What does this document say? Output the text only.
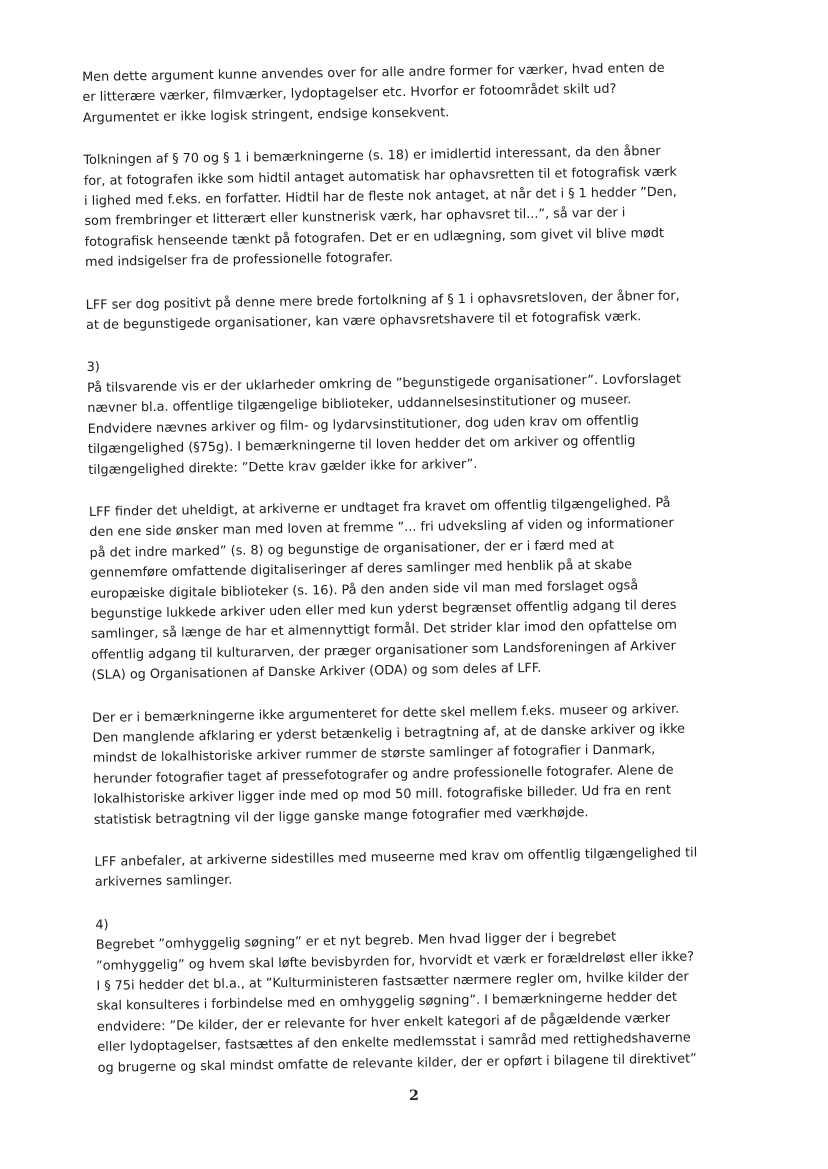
Men dette argument kunne anvendes over for alle andre former for værker, hvad enten de
er litterære værker, filmværker, lydoptagelser etc. Hvorfor er fotoområdet skilt ud?
Argumentet er ikke logisk stringent, endsige konsekvent.

Tolkningen af § 70 og § 1 i bemærkningerne (s. 18) er imidlertid interessant, da den åbner
for, at fotografen ikke som hidtil antaget automatisk har ophavsretten til et fotografisk værk
i lighed med f.eks. en forfatter. Hidtil har de fleste nok antaget, at når det i § 1 hedder ”Den,
som frembringer et litterært eller kunstnerisk værk, har ophavsret til...”, så var der i
fotografisk henseende tænkt på fotografen. Det er en udlægning, som givet vil blive mødt
med indsigelser fra de professionelle fotografer.

LFF ser dog positivt på denne mere brede fortolkning af § 1 i ophavsretsloven, der åbner for,
at de begunstigede organisationer, kan være ophavsretshavere til et fotografisk værk.

3)
På tilsvarende vis er der uklarheder omkring de ”begunstigede organisationer”. Lovforslaget
nævner bl.a. offentlige tilgængelige biblioteker, uddannelsesinstitutioner og museer.
Endvidere nævnes arkiver og film- og lydarvsinstitutioner, dog uden krav om offentlig
tilgængelighed (§75g). I bemærkningerne til loven hedder det om arkiver og offentlig
tilgængelighed direkte: ”Dette krav gælder ikke for arkiver”.

LFF finder det uheldigt, at arkiverne er undtaget fra kravet om offentlig tilgængelighed. På
den ene side ønsker man med loven at fremme ”... fri udveksling af viden og informationer
på det indre marked” (s. 8) og begunstige de organisationer, der er i færd med at
gennemføre omfattende digitaliseringer af deres samlinger med henblik på at skabe
europæiske digitale biblioteker (s. 16). På den anden side vil man med forslaget også
begunstige lukkede arkiver uden eller med kun yderst begrænset offentlig adgang til deres
samlinger, så længe de har et almennyttigt formål. Det strider klar imod den opfattelse om
offentlig adgang til kulturarven, der præger organisationer som Landsforeningen af Arkiver
(SLA) og Organisationen af Danske Arkiver (ODA) og som deles af LFF.

Der er i bemærkningerne ikke argumenteret for dette skel mellem f.eks. museer og arkiver.
Den manglende afklaring er yderst betænkelig i betragtning af, at de danske arkiver og ikke
mindst de lokalhistoriske arkiver rummer de største samlinger af fotografier i Danmark,
herunder fotografier taget af pressefotografer og andre professionelle fotografer. Alene de
lokalhistoriske arkiver ligger inde med op mod 50 mill. fotografiske billeder. Ud fra en rent
statistisk betragtning vil der ligge ganske mange fotografier med værkhøjde.

LFF anbefaler, at arkiverne sidestilles med museerne med krav om offentlig tilgængelighed til
arkivernes samlinger.

4)
Begrebet ”omhyggelig søgning” er et nyt begreb. Men hvad ligger der i begrebet
”omhyggelig” og hvem skal løfte bevisbyrden for, hvorvidt et værk er forældreløst eller ikke?
I § 75i hedder det bl.a., at ”Kulturministeren fastsætter nærmere regler om, hvilke kilder der
skal konsulteres i forbindelse med en omhyggelig søgning”. I bemærkningerne hedder det
endvidere: ”De kilder, der er relevante for hver enkelt kategori af de pågældende værker
eller lydoptagelser, fastsættes af den enkelte medlemsstat i samråd med rettighedshaverne
og brugerne og skal mindst omfatte de relevante kilder, der er opført i bilagene til direktivet”

2
